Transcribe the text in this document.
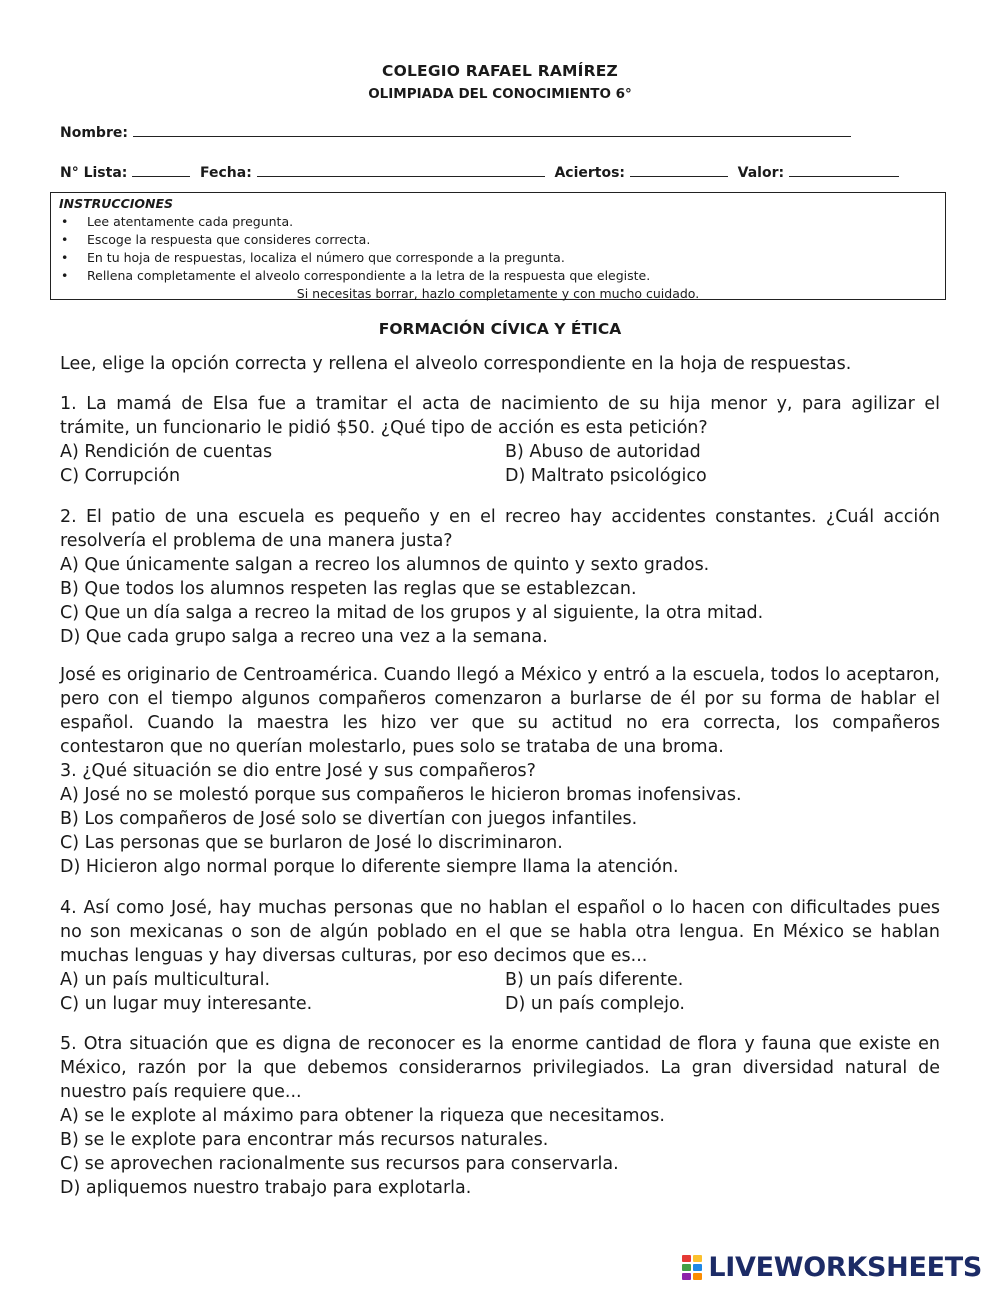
COLEGIO RAFAEL RAMÍREZ
OLIMPIADA DEL CONOCIMIENTO 6°
Nombre:
N° Lista:	Fecha:	Aciertos:	Valor:
INSTRUCCIONES
• Lee atentamente cada pregunta.
• Escoge la respuesta que consideres correcta.
• En tu hoja de respuestas, localiza el número que corresponde a la pregunta.
• Rellena completamente el alveolo correspondiente a la letra de la respuesta que elegiste.
Si necesitas borrar, hazlo completamente y con mucho cuidado.
FORMACIÓN CÍVICA Y ÉTICA
Lee, elige la opción correcta y rellena el alveolo correspondiente en la hoja de respuestas.
1. La mamá de Elsa fue a tramitar el acta de nacimiento de su hija menor y, para agilizar el trámite, un funcionario le pidió $50. ¿Qué tipo de acción es esta petición?
A) Rendición de cuentas	B) Abuso de autoridad
C) Corrupción	D) Maltrato psicológico
2. El patio de una escuela es pequeño y en el recreo hay accidentes constantes. ¿Cuál acción resolvería el problema de una manera justa?
A) Que únicamente salgan a recreo los alumnos de quinto y sexto grados.
B) Que todos los alumnos respeten las reglas que se establezcan.
C) Que un día salga a recreo la mitad de los grupos y al siguiente, la otra mitad.
D) Que cada grupo salga a recreo una vez a la semana.
José es originario de Centroamérica. Cuando llegó a México y entró a la escuela, todos lo aceptaron, pero con el tiempo algunos compañeros comenzaron a burlarse de él por su forma de hablar el español. Cuando la maestra les hizo ver que su actitud no era correcta, los compañeros contestaron que no querían molestarlo, pues solo se trataba de una broma.
3. ¿Qué situación se dio entre José y sus compañeros?
A) José no se molestó porque sus compañeros le hicieron bromas inofensivas.
B) Los compañeros de José solo se divertían con juegos infantiles.
C) Las personas que se burlaron de José lo discriminaron.
D) Hicieron algo normal porque lo diferente siempre llama la atención.
4. Así como José, hay muchas personas que no hablan el español o lo hacen con dificultades pues no son mexicanas o son de algún poblado en el que se habla otra lengua. En México se hablan muchas lenguas y hay diversas culturas, por eso decimos que es...
A) un país multicultural.	B) un país diferente.
C) un lugar muy interesante.	D) un país complejo.
5. Otra situación que es digna de reconocer es la enorme cantidad de flora y fauna que existe en México, razón por la que debemos considerarnos privilegiados. La gran diversidad natural de nuestro país requiere que...
A) se le explote al máximo para obtener la riqueza que necesitamos.
B) se le explote para encontrar más recursos naturales.
C) se aprovechen racionalmente sus recursos para conservarla.
D) apliquemos nuestro trabajo para explotarla.
LIVEWORKSHEETS
